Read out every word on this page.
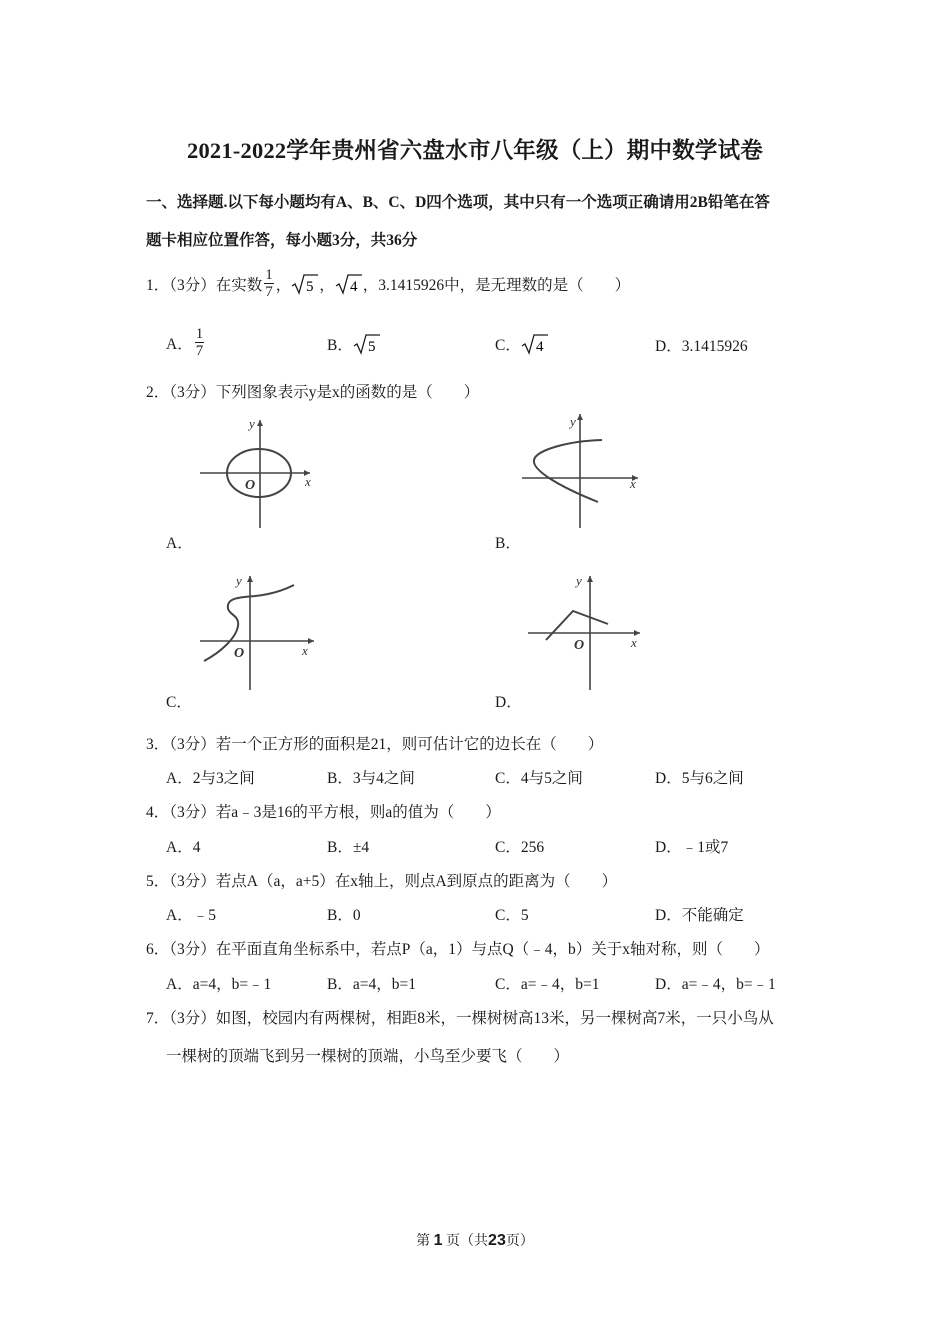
2021-2022学年贵州省六盘水市八年级（上）期中数学试卷
一、选择题.以下每小题均有A、B、C、D四个选项，其中只有一个选项正确请用2B铅笔在答
题卡相应位置作答，每小题3分，共36分
1．（3分）在实数 $\frac{1}{7}$ ， 5 ， 4 ，3.1415926中，是无理数的是（　　）
A． $\frac{1}{7}$	B． 5	C． 4	D．3.1415926
2．（3分）下列图象表示y是x的函数的是（　　）
x
y
O
A．
x
y
B．
x
y
O
C．
x
y
O
D．
3．（3分）若一个正方形的面积是21，则可估计它的边长在（　　）
A．2与3之间	B．3与4之间	C．4与5之间	D．5与6之间
4．（3分）若a﹣3是16的平方根，则a的值为（　　）
A．4	B．±4	C．256	D．﹣1或7
5．（3分）若点A（a，a+5）在x轴上，则点A到原点的距离为（　　）
A．﹣5	B．0	C．5	D．不能确定
6．（3分）在平面直角坐标系中，若点P（a，1）与点Q（﹣4，b）关于x轴对称，则（　　）
A．a=4，b=﹣1	B．a=4，b=1	C．a=﹣4，b=1	D．a=﹣4，b=﹣1
7．（3分）如图，校园内有两棵树，相距8米，一棵树树高13米，另一棵树高7米，一只小鸟从
一棵树的顶端飞到另一棵树的顶端，小鸟至少要飞（　　）
第 1 页（共23页）
